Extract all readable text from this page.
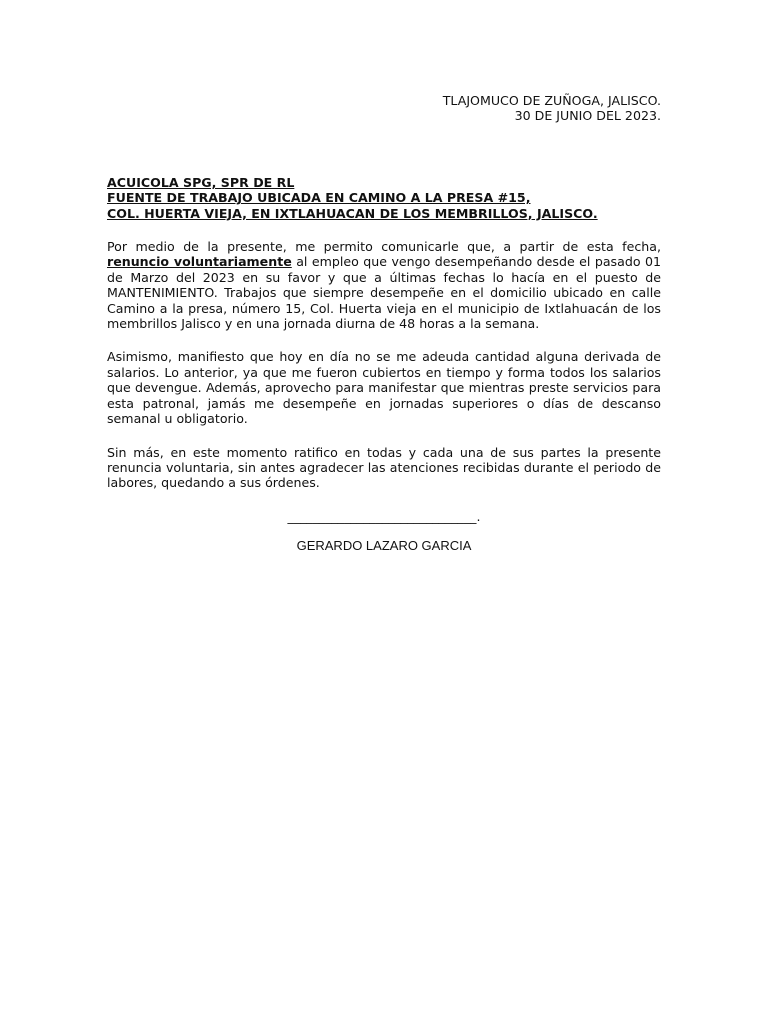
TLAJOMUCO DE ZUÑOGA, JALISCO.
30 DE JUNIO DEL 2023.
ACUICOLA SPG, SPR DE RL
FUENTE DE TRABAJO UBICADA EN CAMINO A LA PRESA #15,
COL. HUERTA VIEJA, EN IXTLAHUACAN DE LOS MEMBRILLOS, JALISCO.
Por medio de la presente, me permito comunicarle que, a partir de esta fecha, renuncio voluntariamente al empleo que vengo desempeñando desde el pasado 01 de Marzo del 2023 en su favor y que a últimas fechas lo hacía en el puesto de MANTENIMIENTO. Trabajos que siempre desempeñe en el domicilio ubicado en calle Camino a la presa, número 15, Col. Huerta vieja en el municipio de Ixtlahuacán de los membrillos Jalisco y en una jornada diurna de 48 horas a la semana.
Asimismo, manifiesto que hoy en día no se me adeuda cantidad alguna derivada de salarios. Lo anterior, ya que me fueron cubiertos en tiempo y forma todos los salarios que devengue. Además, aprovecho para manifestar que mientras preste servicios para esta patronal, jamás me desempeñe en jornadas superiores o días de descanso semanal u obligatorio.
Sin más, en este momento ratifico en todas y cada una de sus partes la presente renuncia voluntaria, sin antes agradecer las atenciones recibidas durante el periodo de labores, quedando a sus órdenes.
______________________________.
GERARDO LAZARO GARCIA
